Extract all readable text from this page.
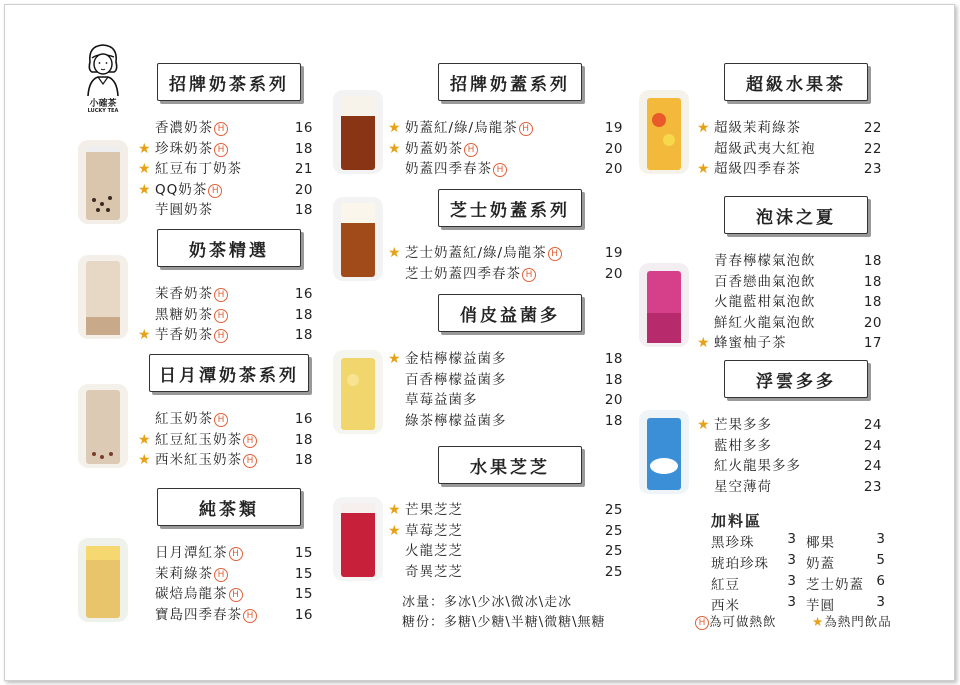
小確茶
LUCKY TEA
招牌奶茶系列
奶茶精選
日月潭奶茶系列
純茶類
招牌奶蓋系列
芝士奶蓋系列
俏皮益菌多
水果芝芝
超級水果茶
泡沫之夏
浮雲多多
香濃奶茶 H	16
★ 珍珠奶茶 H	18
★ 紅豆布丁奶茶	21
★ QQ奶茶 H	20
芋圓奶茶	18
茉香奶茶 H	16
黑糖奶茶 H	18
★ 芋香奶茶 H	18
紅玉奶茶 H	16
★ 紅豆紅玉奶茶 H	18
★ 西米紅玉奶茶 H	18
日月潭紅茶 H	15
茉莉綠茶 H	15
碳焙烏龍茶 H	15
寶島四季春茶 H	16
★ 奶蓋紅/綠/烏龍茶 H	19
★ 奶蓋奶茶 H	20
奶蓋四季春茶 H	20
★ 芝士奶蓋紅/綠/烏龍茶 H	19
芝士奶蓋四季春茶 H	20
★ 金桔檸檬益菌多	18
百香檸檬益菌多	18
草莓益菌多	20
綠茶檸檬益菌多	18
★ 芒果芝芝	25
★ 草莓芝芝	25
火龍芝芝	25
奇異芝芝	25
★ 超級茉莉綠茶	22
超級武夷大紅袍	22
★ 超級四季春茶	23
青春檸檬氣泡飲	18
百香戀曲氣泡飲	18
火龍藍柑氣泡飲	18
鮮紅火龍氣泡飲	20
★ 蜂蜜柚子茶	17
★ 芒果多多	24
藍柑多多	24
紅火龍果多多	24
星空薄荷	23
冰量：多冰\少冰\微冰\走冰
糖份：多糖\少糖\半糖\微糖\無糖
加料區
黑珍珠 3 椰果	3
琥珀珍珠 3 奶蓋	5
紅豆	3 芝士奶蓋 6
西米	3 芋圓	3
H 為可做熱飲	★為熱門飲品
